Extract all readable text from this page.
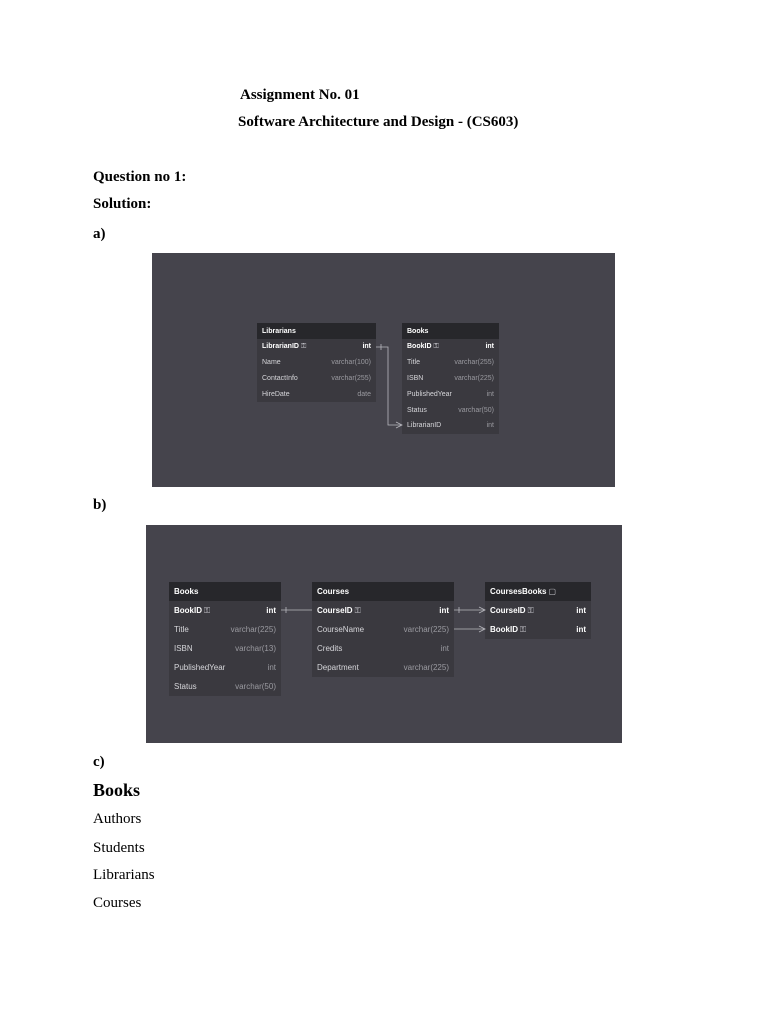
Assignment No. 01
Software Architecture and Design - (CS603)
Question no 1:
Solution:
a)
Librarians
LibrarianID ⚿	int
Name	varchar(100)
ContactInfo	varchar(255)
HireDate	date
Books
BookID ⚿	int
Title	varchar(255)
ISBN	varchar(225)
PublishedYear	int
Status	varchar(50)
LibrarianID	int
b)
Books
BookID ⚿	int
Title	varchar(225)
ISBN	varchar(13)
PublishedYear	int
Status	varchar(50)
Courses
CourseID ⚿	int
CourseName	varchar(225)
Credits	int
Department	varchar(225)
CoursesBooks ▢
CourseID ⚿	int
BookID ⚿	int
c)
Books
Authors
Students
Librarians
Courses
